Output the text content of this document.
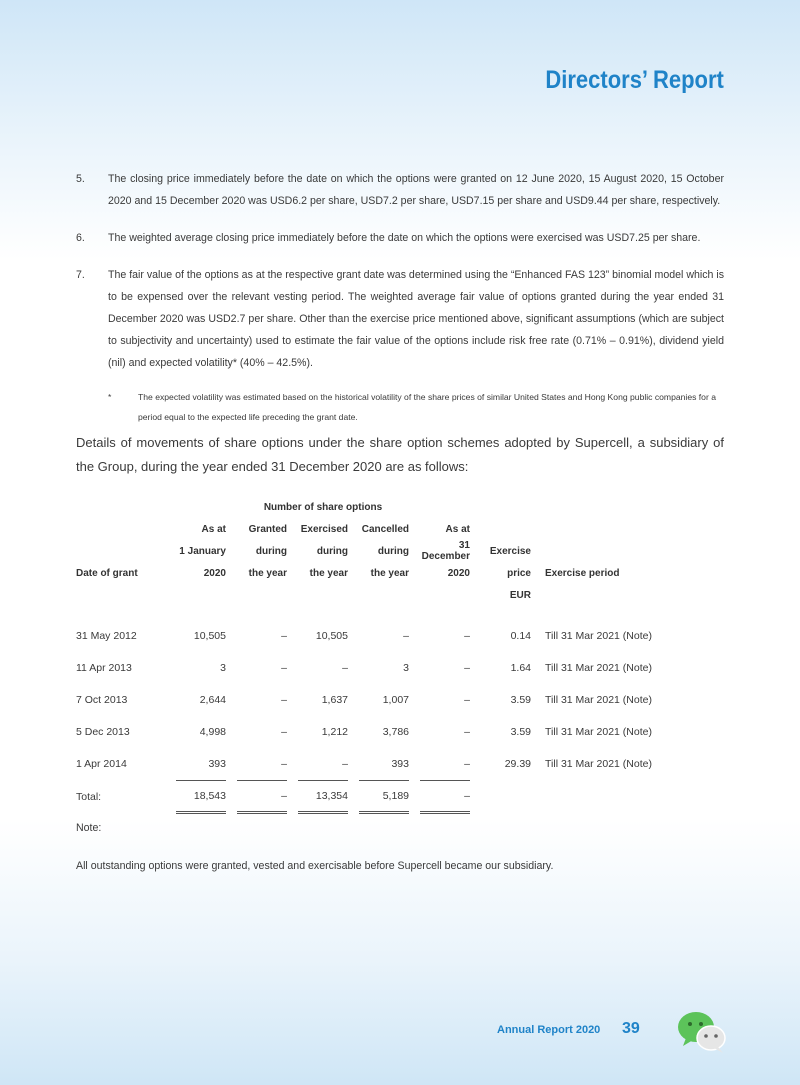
Directors’ Report
5.	The closing price immediately before the date on which the options were granted on 12 June 2020, 15 August 2020, 15 October 2020 and 15 December 2020 was USD6.2 per share, USD7.2 per share, USD7.15 per share and USD9.44 per share, respectively.
6.	The weighted average closing price immediately before the date on which the options were exercised was USD7.25 per share.
7.	The fair value of the options as at the respective grant date was determined using the “Enhanced FAS 123” binomial model which is to be expensed over the relevant vesting period. The weighted average fair value of options granted during the year ended 31 December 2020 was USD2.7 per share. Other than the exercise price mentioned above, significant assumptions (which are subject to subjectivity and uncertainty) used to estimate the fair value of the options include risk free rate (0.71% – 0.91%), dividend yield (nil) and expected volatility* (40% – 42.5%).
*	The expected volatility was estimated based on the historical volatility of the share prices of similar United States and Hong Kong public companies for a period equal to the expected life preceding the grant date.
Details of movements of share options under the share option schemes adopted by Supercell, a subsidiary of the Group, during the year ended 31 December 2020 are as follows:
	Number of share options											
	As at		Granted		Exercised		Cancelled		As at			
	1 January		during		during		during		31 December		Exercise	
Date of grant	2020		the year		the year		the year		2020		price	Exercise period
											EUR	

31 May 2012	10,505		–		10,505		–		–		0.14	Till 31 Mar 2021 (Note)
11 Apr 2013	3		–		–		3		–		1.64	Till 31 Mar 2021 (Note)
7 Oct 2013	2,644		–		1,637		1,007		–		3.59	Till 31 Mar 2021 (Note)
5 Dec 2013	4,998		–		1,212		3,786		–		3.59	Till 31 Mar 2021 (Note)
1 Apr 2014	393		–		–		393		–		29.39	Till 31 Mar 2021 (Note)
Total:	18,543		–		13,354		5,189		–			
Note:
All outstanding options were granted, vested and exercisable before Supercell became our subsidiary.
Annual Report 2020 39
